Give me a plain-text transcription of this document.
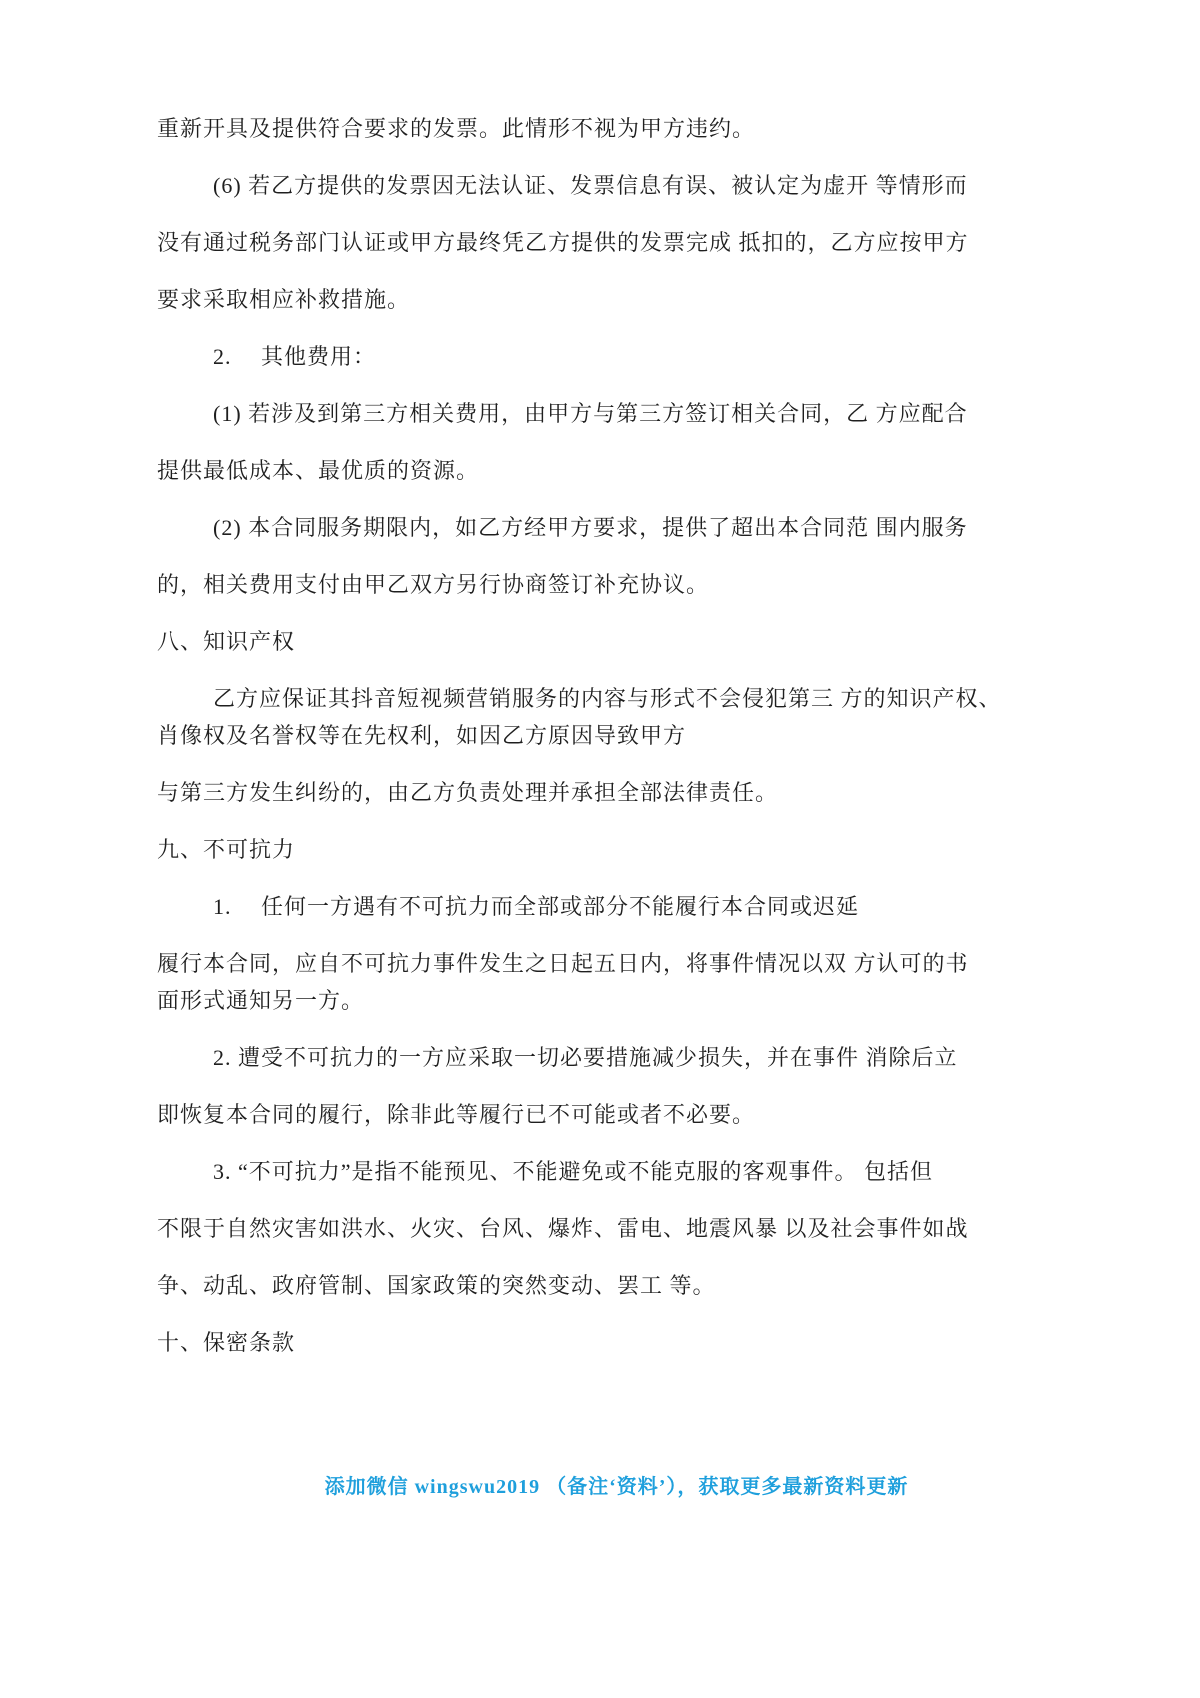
重新开具及提供符合要求的发票。此情形不视为甲方违约。
(6) 若乙方提供的发票因无法认证、发票信息有误、被认定为虚开 等情形而
没有通过税务部门认证或甲方最终凭乙方提供的发票完成 抵扣的，乙方应按甲方
要求采取相应补救措施。
2.　 其他费用：
(1) 若涉及到第三方相关费用，由甲方与第三方签订相关合同，乙 方应配合
提供最低成本、最优质的资源。
(2) 本合同服务期限内，如乙方经甲方要求，提供了超出本合同范 围内服务
的，相关费用支付由甲乙双方另行协商签订补充协议。
八、知识产权
乙方应保证其抖音短视频营销服务的内容与形式不会侵犯第三 方的知识产权、
肖像权及名誉权等在先权利，如因乙方原因导致甲方
与第三方发生纠纷的，由乙方负责处理并承担全部法律责任。
九、不可抗力
1.　 任何一方遇有不可抗力而全部或部分不能履行本合同或迟延
履行本合同，应自不可抗力事件发生之日起五日内，将事件情况以双 方认可的书
面形式通知另一方。
2. 遭受不可抗力的一方应采取一切必要措施减少损失，并在事件 消除后立
即恢复本合同的履行，除非此等履行已不可能或者不必要。
3. “不可抗力”是指不能预见、不能避免或不能克服的客观事件。 包括但
不限于自然灾害如洪水、火灾、台风、爆炸、雷电、地震风暴 以及社会事件如战
争、动乱、政府管制、国家政策的突然变动、罢工 等。
十、保密条款

添加微信 wingswu2019 （备注‘资料’），获取更多最新资料更新
